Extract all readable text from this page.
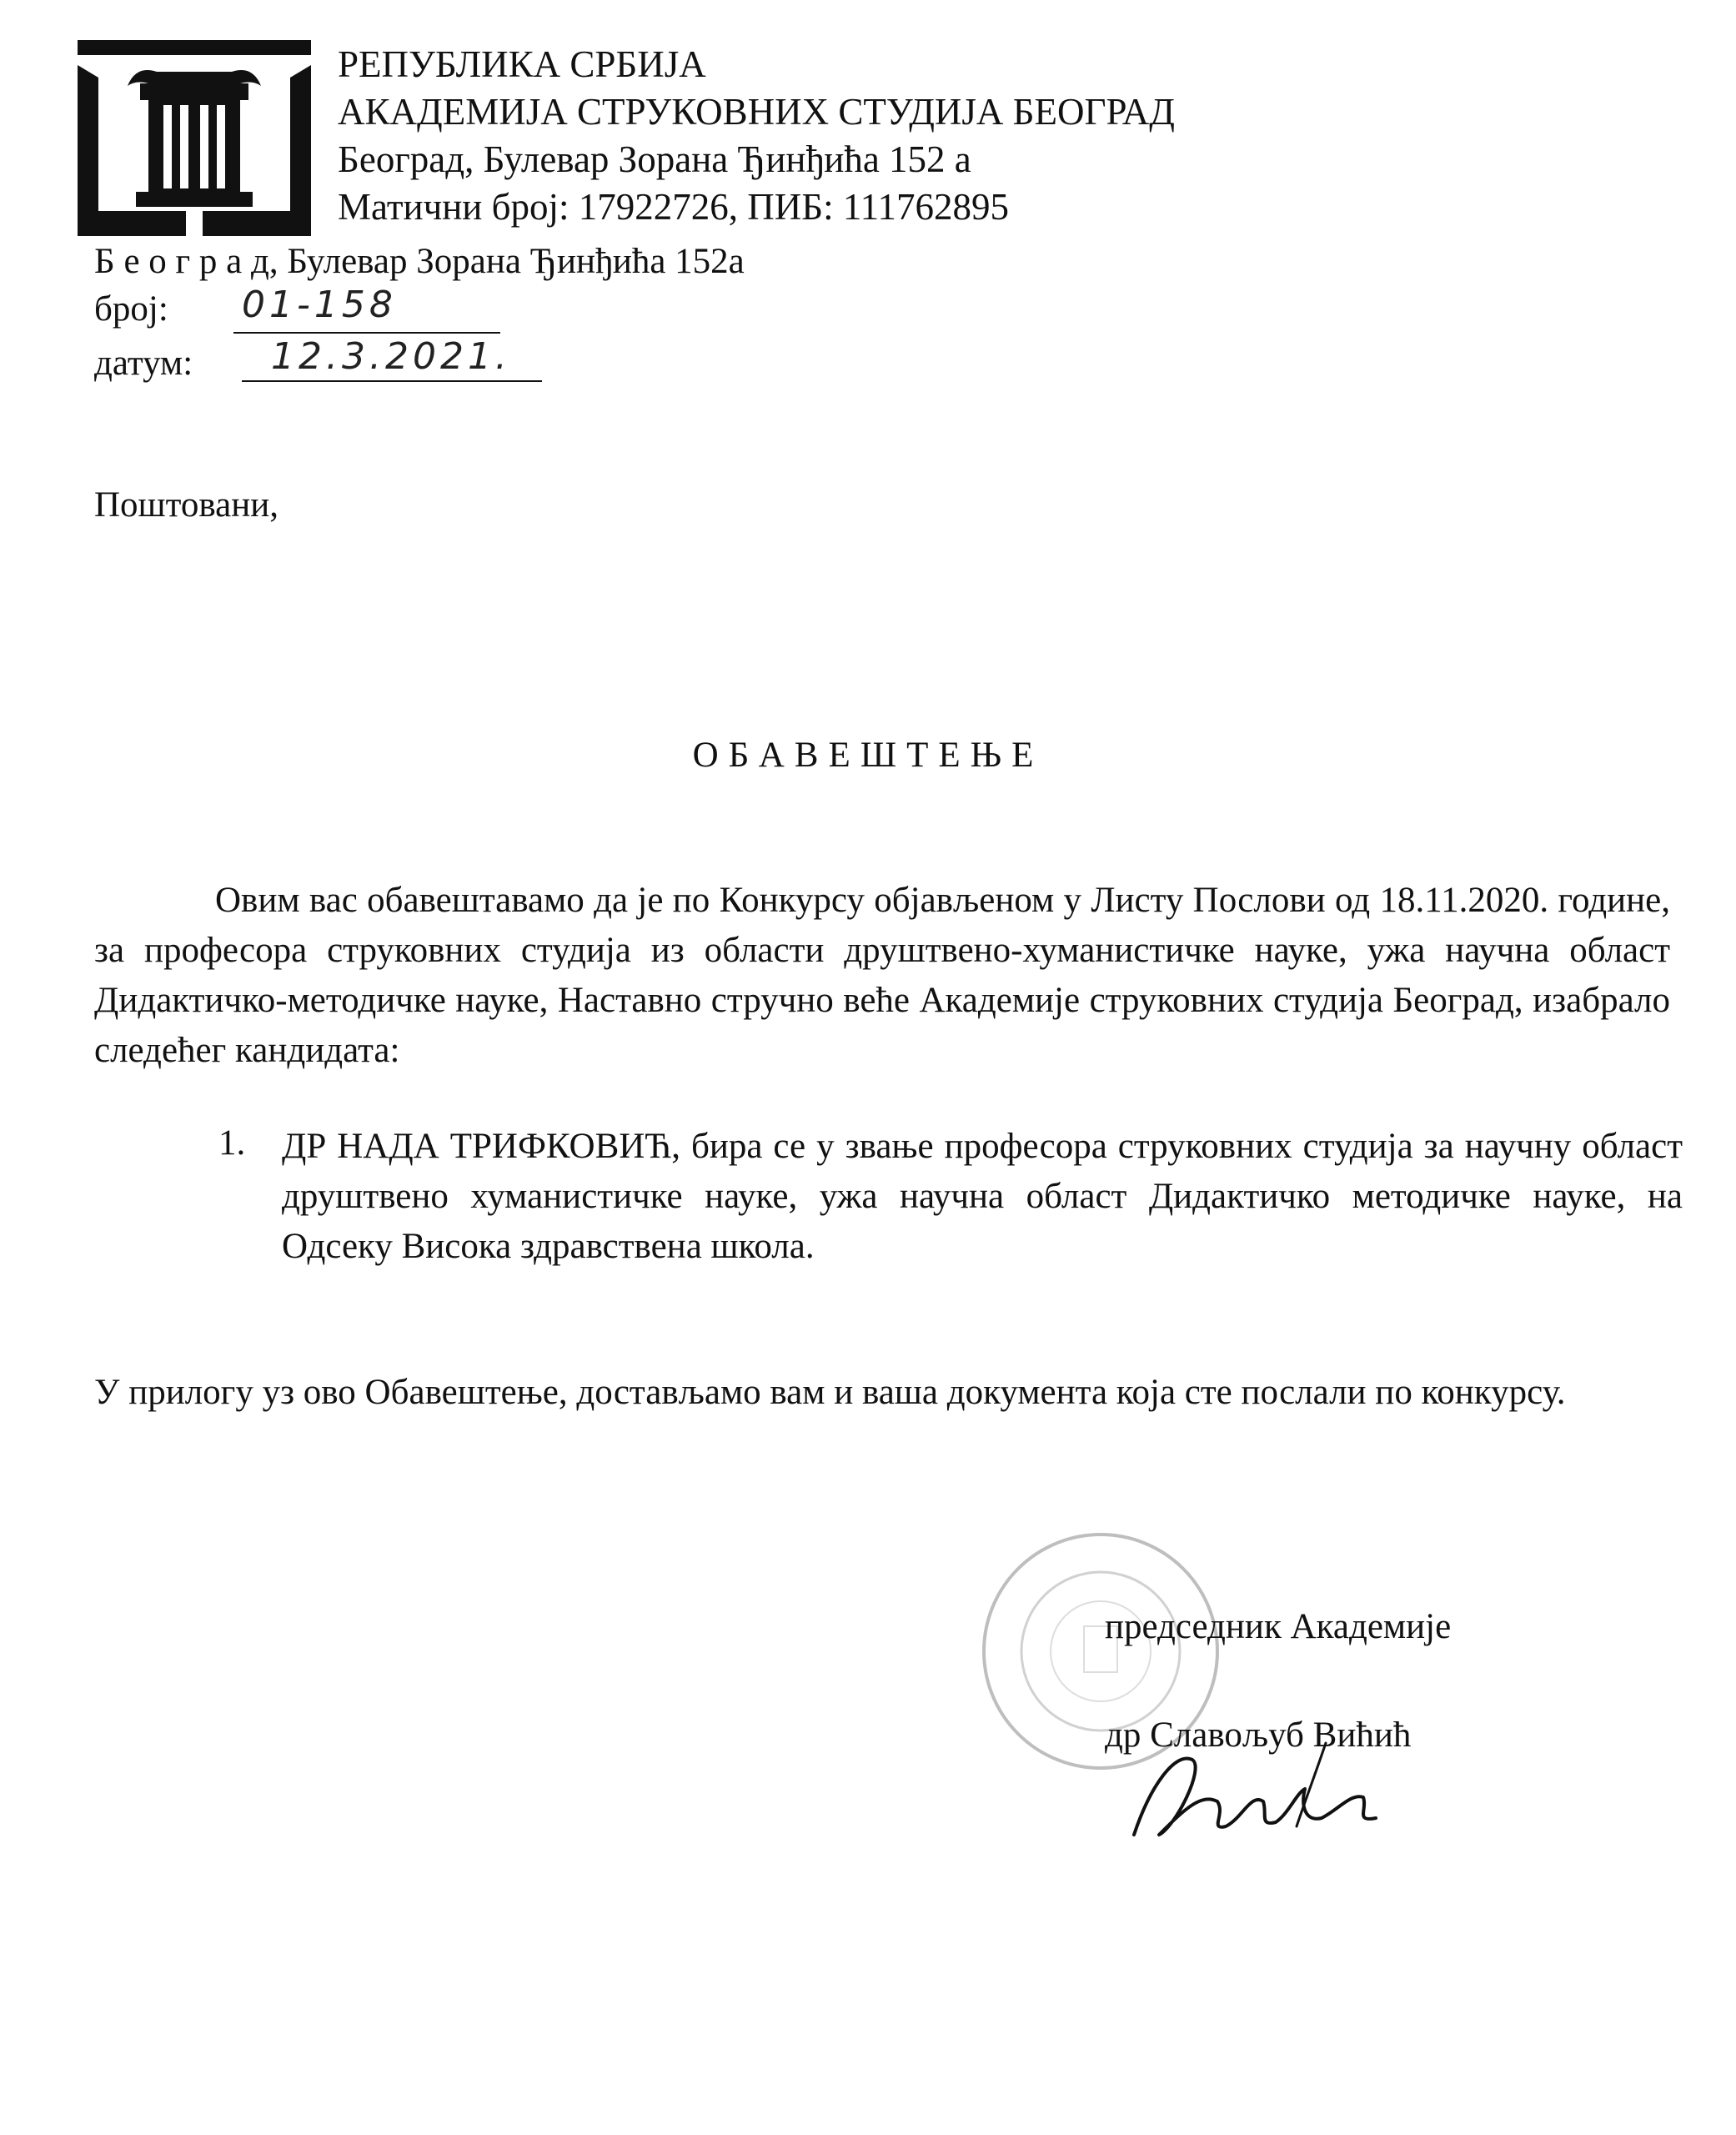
РЕПУБЛИКА СРБИЈА
АКАДЕМИЈА СТРУКОВНИХ СТУДИЈА БЕОГРАД
Београд, Булевар Зорана Ђинђића 152 а
Матични број: 17922726, ПИБ: 111762895
Б е о г р а д, Булевар Зорана Ђинђића 152а
број: 01-158
датум: 12.3.2021.
Поштовани,
ОБАВЕШТЕЊЕ
Овим вас обавештавамо да је по Конкурсу објављеном у Листу Послови од 18.11.2020. године, за професора струковних студија из области друштвено-хуманистичке науке, ужа научна област Дидактичко-методичке науке, Наставно стручно веће Академије струковних студија Београд, изабрало следећег кандидата:
1. ДР НАДА ТРИФКОВИЋ, бира се у звање професора струковних студија за научну област друштвено хуманистичке науке, ужа научна област Дидактичко методичке науке, на Одсеку Висока здравствена школа.
У прилогу уз ово Обавештење, достављамо вам и ваша документа која сте послали по конкурсу.
председник Академије
др Славољуб Вићић
